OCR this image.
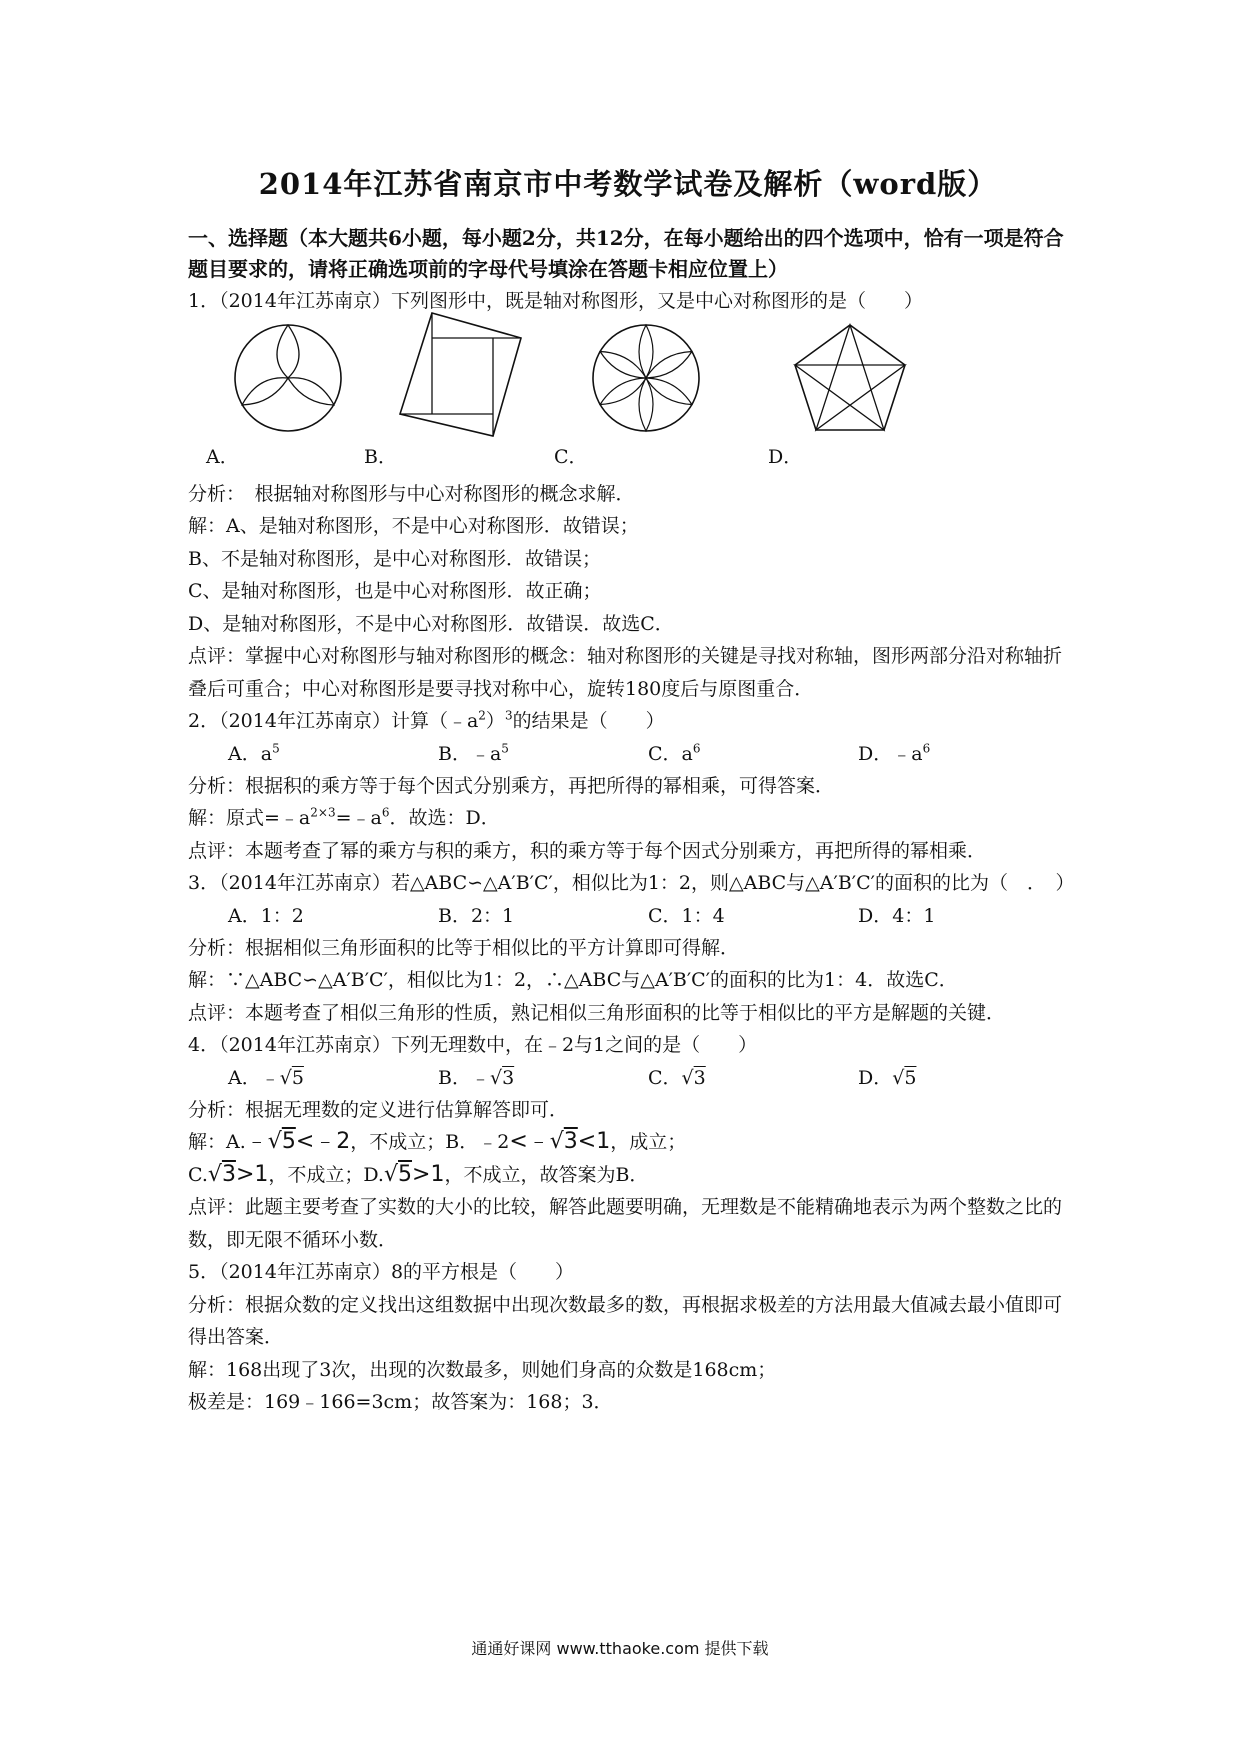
2014年江苏省南京市中考数学试卷及解析（word版）
一、选择题（本大题共6小题，每小题2分，共12分，在每小题给出的四个选项中，恰有一项是符合题目要求的，请将正确选项前的字母代号填涂在答题卡相应位置上）
1．（2014年江苏南京）下列图形中，既是轴对称图形，又是中心对称图形的是（　　）
A．	B．	C．	D．
分析：　根据轴对称图形与中心对称图形的概念求解．
解：A、是轴对称图形，不是中心对称图形．故错误；
B、不是轴对称图形，是中心对称图形．故错误；
C、是轴对称图形，也是中心对称图形．故正确；
D、是轴对称图形，不是中心对称图形．故错误．故选C．
点评：掌握中心对称图形与轴对称图形的概念：轴对称图形的关键是寻找对称轴，图形两部分沿对称轴折叠后可重合；中心对称图形是要寻找对称中心，旋转180度后与原图重合．
2．（2014年江苏南京）计算$(﹣a^2)^3$的结果是（　　）
A．$a^5$	B．$﹣a^5$	C．$a^6$	D．$﹣a^6$
分析：根据积的乘方等于每个因式分别乘方，再把所得的幂相乘，可得答案．
解：原式$=﹣a^{2\times 3}=﹣a^6$．故选：D．
点评：本题考查了幂的乘方与积的乘方，积的乘方等于每个因式分别乘方，再把所得的幂相乘．
3．（2014年江苏南京）若△ABC∽△A′B′C′，相似比为1：2，则△ABC与△A′B′C′的面积的比为（　．　）
A．1：2	B．2：1	C．1：4	D．4：1
分析：根据相似三角形面积的比等于相似比的平方计算即可得解．
解：∵△ABC∽△A′B′C′，相似比为1：2，∴△ABC与△A′B′C′的面积的比为1：4．故选C．
点评：本题考查了相似三角形的性质，熟记相似三角形面积的比等于相似比的平方是解题的关键．
4．（2014年江苏南京）下列无理数中，在﹣2与1之间的是（　　）
A．﹣√5	B．﹣√3	C．√3	D．√5
分析：根据无理数的定义进行估算解答即可．
解：A.﹣√5<﹣2，不成立；B．﹣2<﹣√3<1，成立；
C.√3>1，不成立；D.√5>1，不成立，故答案为B．
点评：此题主要考查了实数的大小的比较，解答此题要明确，无理数是不能精确地表示为两个整数之比的数，即无限不循环小数．
5．（2014年江苏南京）8的平方根是（　　）
分析：根据众数的定义找出这组数据中出现次数最多的数，再根据求极差的方法用最大值减去最小值即可得出答案．
解：168出现了3次，出现的次数最多，则她们身高的众数是168cm；
极差是：169﹣166=3cm；故答案为：168；3．
通通好课网 www.tthaoke.com 提供下载
